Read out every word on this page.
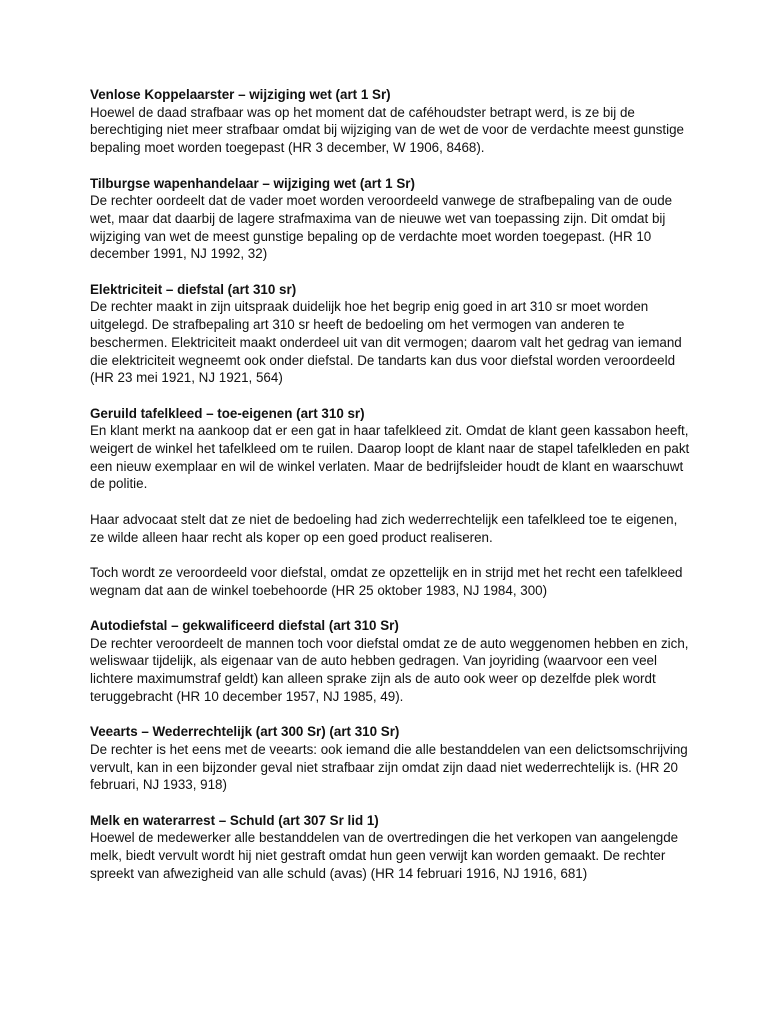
Venlose Koppelaarster – wijziging wet (art 1 Sr)

Hoewel de daad strafbaar was op het moment dat de caféhoudster betrapt werd, is ze bij de berechtiging niet meer strafbaar omdat bij wijziging van de wet de voor de verdachte meest gunstige bepaling moet worden toegepast (HR 3 december, W 1906, 8468).

Tilburgse wapenhandelaar – wijziging wet (art 1 Sr)

De rechter oordeelt dat de vader moet worden veroordeeld vanwege de strafbepaling van de oude wet, maar dat daarbij de lagere strafmaxima van de nieuwe wet van toepassing zijn. Dit omdat bij wijziging van wet de meest gunstige bepaling op de verdachte moet worden toegepast. (HR 10 december 1991, NJ 1992, 32)

Elektriciteit – diefstal (art 310 sr)

De rechter maakt in zijn uitspraak duidelijk hoe het begrip enig goed in art 310 sr moet worden uitgelegd. De strafbepaling art 310 sr heeft de bedoeling om het vermogen van anderen te beschermen. Elektriciteit maakt onderdeel uit van dit vermogen; daarom valt het gedrag van iemand die elektriciteit wegneemt ook onder diefstal. De tandarts kan dus voor diefstal worden veroordeeld (HR 23 mei 1921, NJ 1921, 564)

Geruild tafelkleed – toe-eigenen (art 310 sr)

En klant merkt na aankoop dat er een gat in haar tafelkleed zit. Omdat de klant geen kassabon heeft, weigert de winkel het tafelkleed om te ruilen. Daarop loopt de klant naar de stapel tafelkleden en pakt een nieuw exemplaar en wil de winkel verlaten. Maar de bedrijfsleider houdt de klant en waarschuwt de politie.

Haar advocaat stelt dat ze niet de bedoeling had zich wederrechtelijk een tafelkleed toe te eigenen, ze wilde alleen haar recht als koper op een goed product realiseren.

Toch wordt ze veroordeeld voor diefstal, omdat ze opzettelijk en in strijd met het recht een tafelkleed wegnam dat aan de winkel toebehoorde (HR 25 oktober 1983, NJ 1984, 300)

Autodiefstal – gekwalificeerd diefstal (art 310 Sr)

De rechter veroordeelt de mannen toch voor diefstal omdat ze de auto weggenomen hebben en zich, weliswaar tijdelijk, als eigenaar van de auto hebben gedragen. Van joyriding (waarvoor een veel lichtere maximumstraf geldt) kan alleen sprake zijn als de auto ook weer op dezelfde plek wordt teruggebracht (HR 10 december 1957, NJ 1985, 49).

Veearts – Wederrechtelijk (art 300 Sr) (art 310 Sr)

De rechter is het eens met de veearts: ook iemand die alle bestanddelen van een delictsomschrijving vervult, kan in een bijzonder geval niet strafbaar zijn omdat zijn daad niet wederrechtelijk is. (HR 20 februari, NJ 1933, 918)

Melk en waterarrest – Schuld (art 307 Sr lid 1)

Hoewel de medewerker alle bestanddelen van de overtredingen die het verkopen van aangelengde melk, biedt vervult wordt hij niet gestraft omdat hun geen verwijt kan worden gemaakt. De rechter spreekt van afwezigheid van alle schuld (avas) (HR 14 februari 1916, NJ 1916, 681)
